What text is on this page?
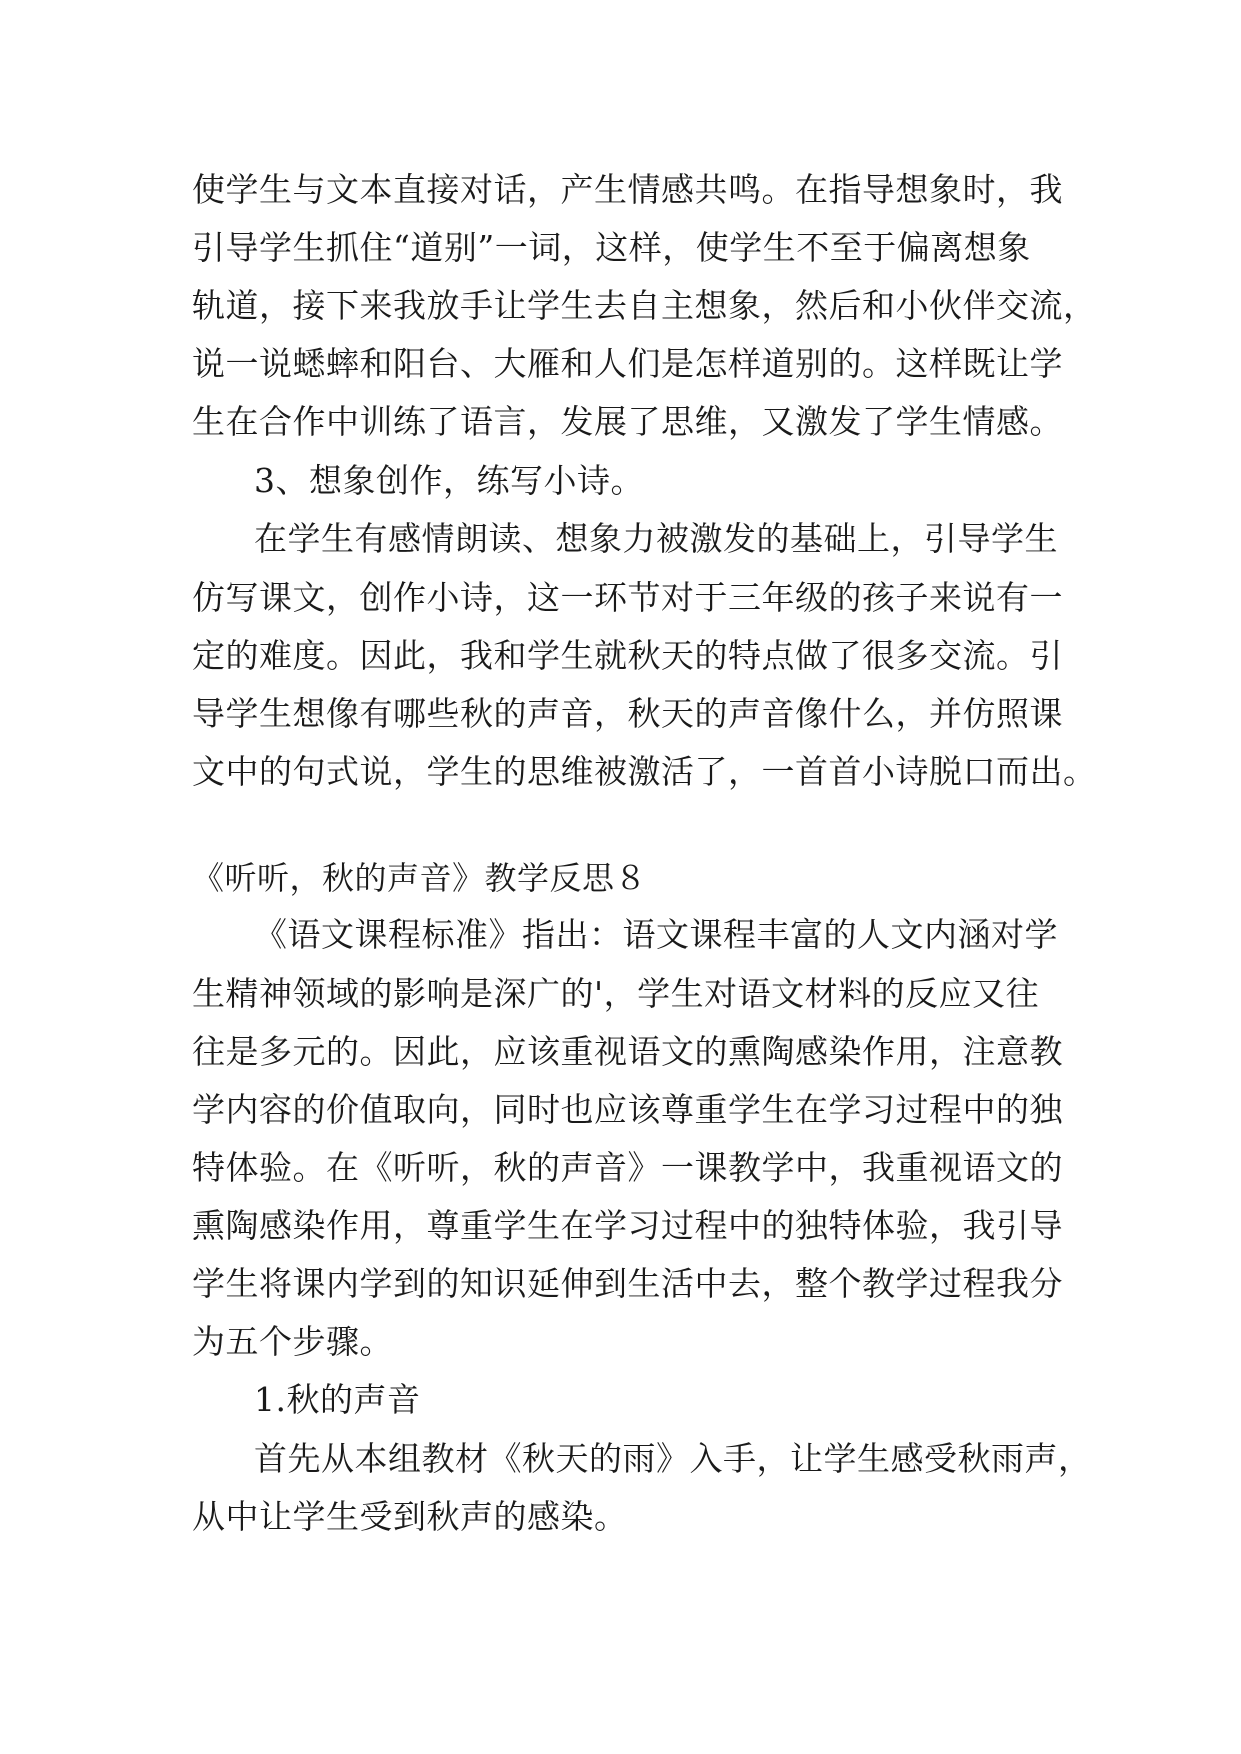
使学生与文本直接对话，产生情感共鸣。在指导想象时，我
引导学生抓住“道别”一词，这样，使学生不至于偏离想象
轨道，接下来我放手让学生去自主想象，然后和小伙伴交流，
说一说蟋蟀和阳台、大雁和人们是怎样道别的。这样既让学
生在合作中训练了语言，发展了思维，又激发了学生情感。
3、想象创作，练写小诗。
在学生有感情朗读、想象力被激发的基础上，引导学生
仿写课文，创作小诗，这一环节对于三年级的孩子来说有一
定的难度。因此，我和学生就秋天的特点做了很多交流。引
导学生想像有哪些秋的声音，秋天的声音像什么，并仿照课
文中的句式说，学生的思维被激活了，一首首小诗脱口而出。
《听听，秋的声音》教学反思８
《语文课程标准》指出：语文课程丰富的人文内涵对学
生精神领域的影响是深广的'，学生对语文材料的反应又往
往是多元的。因此，应该重视语文的熏陶感染作用，注意教
学内容的价值取向，同时也应该尊重学生在学习过程中的独
特体验。在《听听，秋的声音》一课教学中，我重视语文的
熏陶感染作用，尊重学生在学习过程中的独特体验，我引导
学生将课内学到的知识延伸到生活中去，整个教学过程我分
为五个步骤。
1.秋的声音
首先从本组教材《秋天的雨》入手，让学生感受秋雨声，
从中让学生受到秋声的感染。
